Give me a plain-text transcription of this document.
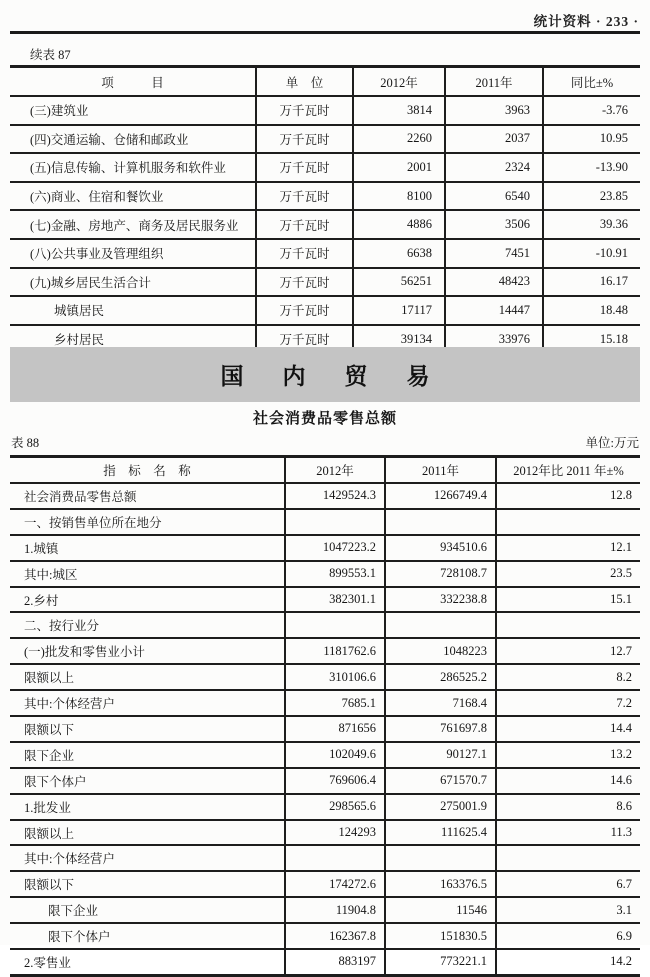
统计资料 · 233 ·
续表 87
项　　　目	单　位	2012年	2011年	同比±%
(三)建筑业	万千瓦时	3814	3963	-3.76
(四)交通运输、仓储和邮政业	万千瓦时	2260	2037	10.95
(五)信息传输、计算机服务和软件业	万千瓦时	2001	2324	-13.90
(六)商业、住宿和餐饮业	万千瓦时	8100	6540	23.85
(七)金融、房地产、商务及居民服务业	万千瓦时	4886	3506	39.36
(八)公共事业及管理组织	万千瓦时	6638	7451	-10.91
(九)城乡居民生活合计	万千瓦时	56251	48423	16.17
城镇居民	万千瓦时	17117	14447	18.48
乡村居民	万千瓦时	39134	33976	15.18
国　内　贸　易
社会消费品零售总额
表 88	单位:万元
指　标　名　称	2012年	2011年	2012年比 2011 年±%
社会消费品零售总额	1429524.3	1266749.4	12.8
一、按销售单位所在地分			
1.城镇	1047223.2	934510.6	12.1
其中:城区	899553.1	728108.7	23.5
2.乡村	382301.1	332238.8	15.1
二、按行业分			
(一)批发和零售业小计	1181762.6	1048223	12.7
限额以上	310106.6	286525.2	8.2
其中:个体经营户	7685.1	7168.4	7.2
限额以下	871656	761697.8	14.4
限下企业	102049.6	90127.1	13.2
限下个体户	769606.4	671570.7	14.6
1.批发业	298565.6	275001.9	8.6
限额以上	124293	111625.4	11.3
其中:个体经营户			
限额以下	174272.6	163376.5	6.7
限下企业	11904.8	11546	3.1
限下个体户	162367.8	151830.5	6.9
2.零售业	883197	773221.1	14.2
